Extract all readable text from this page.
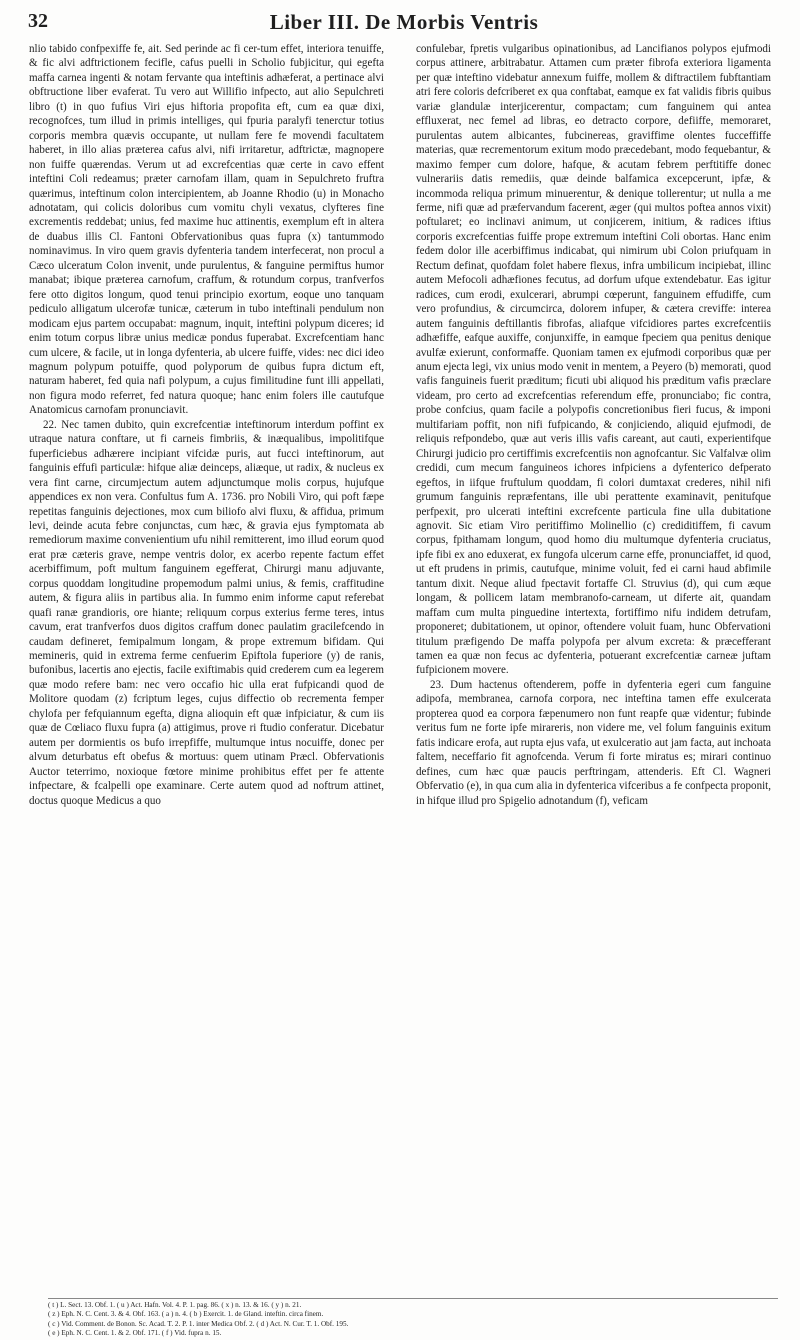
32	Liber III. De Morbis Ventris

nlio tabido confpexiffe fe, ait. Sed perinde ac fi cer-tum effet, interiora tenuiffe, & fic alvi adftrictionem fecifle, cafus puelli in Scholio fubjicitur, qui egefta maffa carnea ingenti & notam fervante qua inteftinis adhæferat, a pertinace alvi obftructione liber evaferat. Tu vero aut Willifio infpecto, aut alio Sepulchreti libro (t) in quo fufius Viri ejus hiftoria propofita eft, cum ea quæ dixi, recognofces, tum illud in primis intelliges, qui fpuria paralyfi tenerctur totius corporis membra quævis occupante, ut nullam fere fe movendi facultatem haberet, in illo alias præterea cafus alvi, nifi irritaretur, adftrictæ, magnopere non fuiffe quærendas. Verum ut ad excrefcentias quæ certe in cavo effent inteftini Coli redeamus; præter carnofam illam, quam in Sepulchreto fruftra quærimus, inteftinum colon intercipientem, ab Joanne Rhodio (u) in Monacho adnotatam, qui colicis doloribus cum vomitu chyli vexatus, clyfteres fine excrementis reddebat; unius, fed maxime huc attinentis, exemplum eft in altera de duabus illis Cl. Fantoni Obfervationibus quas fupra (x) tantummodo nominavimus. In viro quem gravis dyfenteria tandem interfecerat, non procul a Cæco ulceratum Colon invenit, unde purulentus, & fanguine permiftus humor manabat; ibique præterea carnofum, craffum, & rotundum corpus, tranfverfos fere otto digitos longum, quod tenui principio exortum, eoque uno tanquam pediculo alligatum ulcerofæ tunicæ, cæterum in tubo inteftinali pendulum non modicam ejus partem occupabat: magnum, inquit, inteftini polypum diceres; id enim totum corpus libræ unius medicæ pondus fuperabat. Excrefcentiam hanc cum ulcere, & facile, ut in longa dyfenteria, ab ulcere fuiffe, vides: nec dici ideo magnum polypum potuiffe, quod polyporum de quibus fupra dictum eft, naturam haberet, fed quia nafi polypum, a cujus fimilitudine funt illi appellati, non figura modo referret, fed natura quoque; hanc enim folers ille cautufque Anatomicus carnofam pronunciavit.

22. Nec tamen dubito, quin excrefcentiæ inteftinorum interdum poffint ex utraque natura conftare, ut fi carneis fimbriis, & inæqualibus, impolitifque fuperficiebus adhærere incipiant vifcidæ puris, aut fucci inteftinorum, aut fanguinis effufi particulæ: hifque aliæ deinceps, aliæque, ut radix, & nucleus ex vera fint carne, circumjectum autem adjunctumque molis corpus, hujufque appendices ex non vera. Confultus fum A. 1736. pro Nobili Viro, qui poft fæpe repetitas fanguinis dejectiones, mox cum biliofo alvi fluxu, & affidua, primum levi, deinde acuta febre conjunctas, cum hæc, & gravia ejus fymptomata ab remediorum maxime convenientium ufu nihil remitterent, imo illud eorum quod erat præ cæteris grave, nempe ventris dolor, ex acerbo repente factum effet acerbiffimum, poft multum fanguinem egefferat, Chirurgi manu adjuvante, corpus quoddam longitudine propemodum palmi unius, & femis, craffitudine autem, & figura aliis in partibus alia. In fummo enim informe caput referebat quafi ranæ grandioris, ore hiante; reliquum corpus exterius ferme teres, intus cavum, erat tranfverfos duos digitos craffum donec paulatim gracilefcendo in caudam defineret, femipalmum longam, & prope extremum bifidam. Qui memineris, quid in extrema ferme cenfuerim Epiftola fuperiore (y) de ranis, bufonibus, lacertis ano ejectis, facile exiftimabis quid crederem cum ea legerem quæ modo refere bam: nec vero occafio hic ulla erat fufpicandi quod de Molitore quodam (z) fcriptum leges, cujus diffectio ob recrementa femper chylofa per fefquiannum egefta, digna alioquin eft quæ infpiciatur, & cum iis quæ de Cœliaco fluxu fupra (a) attigimus, prove ri ftudio conferatur. Dicebatur autem per dormientis os bufo irrepfiffe, multumque intus nocuiffe, donec per alvum deturbatus eft obefus & mortuus: quem utinam Præcl. Obfervationis Auctor teterrimo, noxioque fœtore minime prohibitus effet per fe attente infpectare, & fcalpelli ope examinare. Certe autem quod ad noftrum attinet, doctus quoque Medicus a quo

confulebar, fpretis vulgaribus opinationibus, ad Lancifianos polypos ejufmodi corpus attinere, arbitrabatur. Attamen cum præter fibrofa exteriora ligamenta per quæ inteftino videbatur annexum fuiffe, mollem & diftractilem fubftantiam atri fere coloris defcriberet ex qua conftabat, eamque ex fat validis fibris quibus variæ glandulæ interjicerentur, compactam; cum fanguinem qui antea effluxerat, nec femel ad libras, eo detracto corpore, defiiffe, memoraret, purulentas autem albicantes, fubcinereas, graviffime olentes fucceffiffe materias, quæ recrementorum exitum modo præcedebant, modo fequebantur, & maximo femper cum dolore, hafque, & acutam febrem perftitiffe donec vulnerariis datis remediis, quæ deinde balfamica excepcerunt, ipfæ, & incommoda reliqua primum minuerentur, & denique tollerentur; ut nulla a me ferme, nifi quæ ad præfervandum facerent, æger (qui multos poftea annos vixit) poftularet; eo inclinavi animum, ut conjicerem, initium, & radices iftius corporis excrefcentias fuiffe prope extremum inteftini Coli obortas. Hanc enim fedem dolor ille acerbiffimus indicabat, qui nimirum ubi Colon priufquam in Rectum definat, quofdam folet habere flexus, infra umbilicum incipiebat, illinc autem Mefocoli adhæfiones fecutus, ad dorfum ufque extendebatur. Eas igitur radices, cum erodi, exulcerari, abrumpi cœperunt, fanguinem effudiffe, cum vero profundius, & circumcirca, dolorem infuper, & cætera creviffe: interea autem fanguinis deftillantis fibrofas, aliafque vifcidiores partes excrefcentiis adhæfiffe, eafque auxiffe, conjunxiffe, in eamque fpeciem qua penitus denique avulfæ exierunt, conformaffe. Quoniam tamen ex ejufmodi corporibus quæ per anum ejecta legi, vix unius modo venit in mentem, a Peyero (b) memorati, quod vafis fanguineis fuerit præditum; ficuti ubi aliquod his præditum vafis præclare videam, pro certo ad excrefcentias referendum effe, pronunciabo; fic contra, probe confcius, quam facile a polypofis concretionibus fieri fucus, & imponi multifariam poffit, non nifi fufpicando, & conjiciendo, aliquid ejufmodi, de reliquis refpondebo, quæ aut veris illis vafis careant, aut cauti, experientifque Chirurgi judicio pro certiffimis excrefcentiis non agnofcantur. Sic Valfalvæ olim credidi, cum mecum fanguineos ichores infpiciens a dyfenterico defperato egeftos, in iifque fruftulum quoddam, fi colori dumtaxat crederes, nihil nifi grumum fanguinis repræfentans, ille ubi perattente examinavit, penitufque perfpexit, pro ulcerati inteftini excrefcente particula fine ulla dubitatione agnovit. Sic etiam Viro peritiffimo Molinellio (c) crediditiffem, fi cavum corpus, fpithamam longum, quod homo diu multumque dyfenteria cruciatus, ipfe fibi ex ano eduxerat, ex fungofa ulcerum carne effe, pronunciaffet, id quod, ut eft prudens in primis, cautufque, minime voluit, fed ei carni haud abfimile tantum dixit. Neque aliud fpectavit fortaffe Cl. Struvius (d), qui cum æque longam, & pollicem latam membranofo-carneam, ut diferte ait, quandam maffam cum multa pinguedine intertexta, fortiffimo nifu indidem detrufam, proponeret; dubitationem, ut opinor, oftendere voluit fuam, hunc Obfervationi titulum præfigendo De maffa polypofa per alvum excreta: & præcefferant tamen ea quæ non fecus ac dyfenteria, potuerant excrefcentiæ carneæ juftam fufpicionem movere.

23. Dum hactenus oftenderem, poffe in dyfenteria egeri cum fanguine adipofa, membranea, carnofa corpora, nec inteftina tamen effe exulcerata propterea quod ea corpora fæpenumero non funt reapfe quæ videntur; fubinde veritus fum ne forte ipfe mirareris, non videre me, vel folum fanguinis exitum fatis indicare erofa, aut rupta ejus vafa, ut exulceratio aut jam facta, aut inchoata faltem, neceffario fit agnofcenda. Verum fi forte miratus es; mirari continuo defines, cum hæc quæ paucis perftringam, attenderis. Eft Cl. Wagneri Obfervatio (e), in qua cum alia in dyfenterica vifceribus a fe confpecta proponit, in hifque illud pro Spigelio adnotandum (f), veficam

( t ) L. Sect. 13. Obf. 1. ( u ) Act. Hafn. Vol. 4. P. 1. pag. 86. ( x ) n. 13. & 16. ( y ) n. 21.
( z ) Eph. N. C. Cent. 3. & 4. Obf. 163. ( a ) n. 4. ( b ) Exercit. 1. de Gland. inteftin. circa finem.
( c ) Vid. Comment. de Bonon. Sc. Acad. T. 2. P. 1. inter Medica Obf. 2. ( d ) Act. N. Cur. T. 1. Obf. 195.
( e ) Eph. N. C. Cent. 1. & 2. Obf. 171. ( f ) Vid. fupra n. 15.
